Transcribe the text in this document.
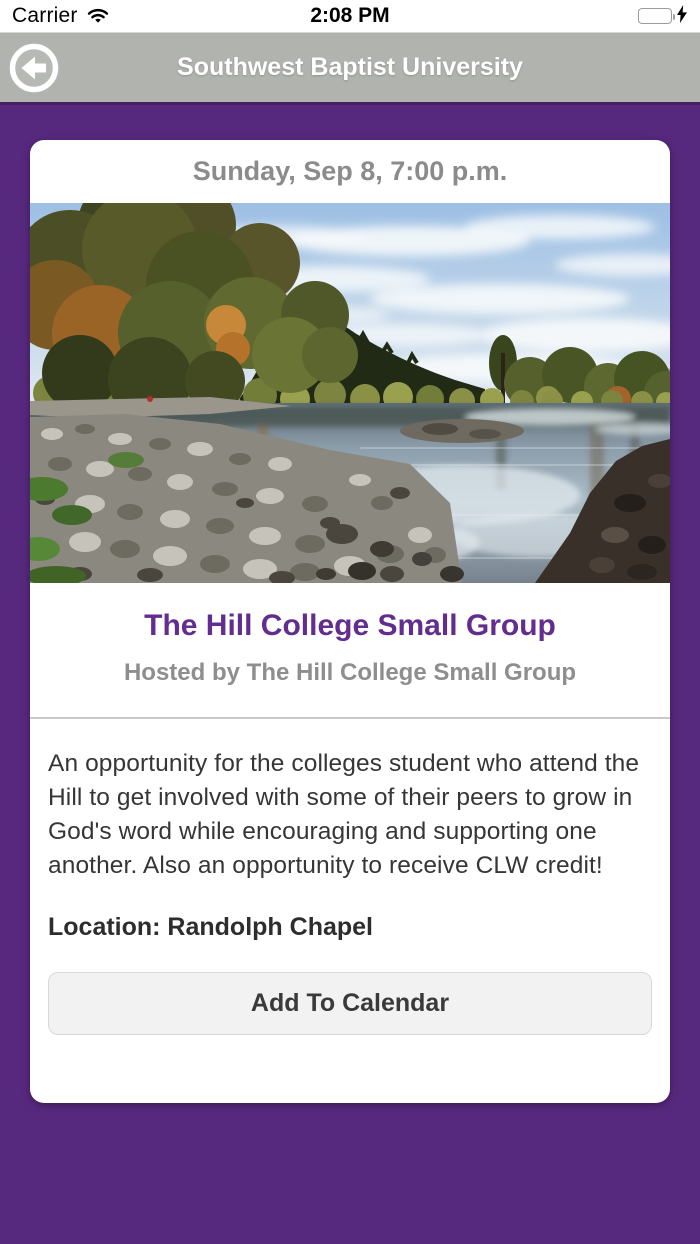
Carrier	2:08 PM
Southwest Baptist University
Sunday, Sep 8, 7:00 p.m.
The Hill College Small Group
Hosted by The Hill College Small Group

An opportunity for the colleges student who attend the Hill to get involved with some of their peers to grow in God's word while encouraging and supporting one another. Also an opportunity to receive CLW credit!

Location: Randolph Chapel

Add To Calendar
